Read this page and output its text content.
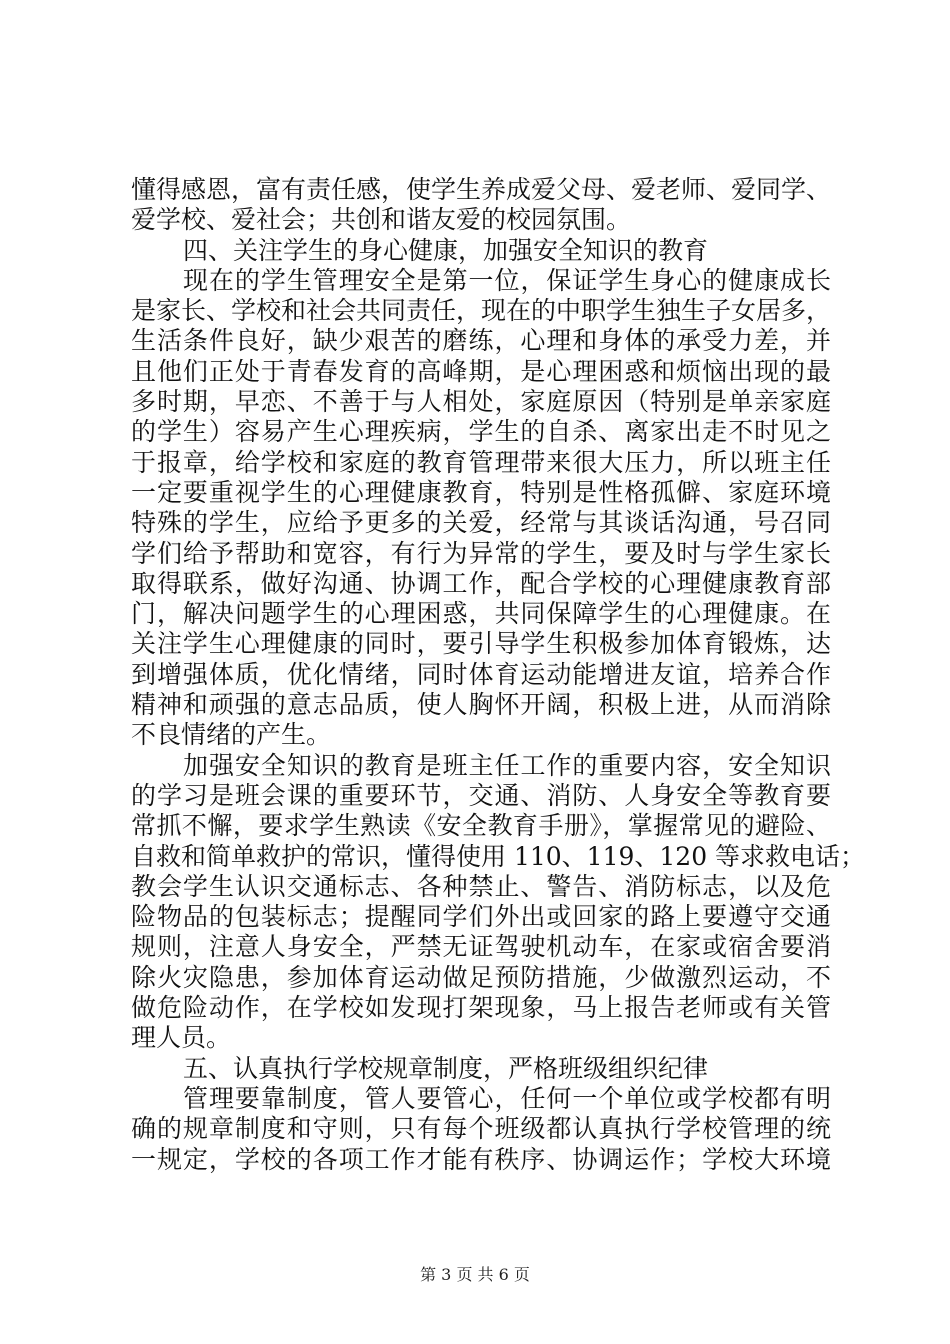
懂得感恩，富有责任感，使学生养成爱父母、爱老师、爱同学、
爱学校、爱社会；共创和谐友爱的校园氛围。
四、关注学生的身心健康，加强安全知识的教育
现在的学生管理安全是第一位，保证学生身心的健康成长
是家长、学校和社会共同责任，现在的中职学生独生子女居多，
生活条件良好，缺少艰苦的磨练，心理和身体的承受力差，并
且他们正处于青春发育的高峰期，是心理困惑和烦恼出现的最
多时期，早恋、不善于与人相处，家庭原因（特别是单亲家庭
的学生）容易产生心理疾病，学生的自杀、离家出走不时见之
于报章，给学校和家庭的教育管理带来很大压力，所以班主任
一定要重视学生的心理健康教育，特别是性格孤僻、家庭环境
特殊的学生，应给予更多的关爱，经常与其谈话沟通，号召同
学们给予帮助和宽容，有行为异常的学生，要及时与学生家长
取得联系，做好沟通、协调工作，配合学校的心理健康教育部
门，解决问题学生的心理困惑，共同保障学生的心理健康。在
关注学生心理健康的同时，要引导学生积极参加体育锻炼，达
到增强体质，优化情绪，同时体育运动能增进友谊，培养合作
精神和顽强的意志品质，使人胸怀开阔，积极上进，从而消除
不良情绪的产生。
加强安全知识的教育是班主任工作的重要内容，安全知识
的学习是班会课的重要环节，交通、消防、人身安全等教育要
常抓不懈，要求学生熟读《安全教育手册》，掌握常见的避险、
自救和简单救护的常识，懂得使用 110、119、120 等求救电话；
教会学生认识交通标志、各种禁止、警告、消防标志，以及危
险物品的包装标志；提醒同学们外出或回家的路上要遵守交通
规则，注意人身安全，严禁无证驾驶机动车，在家或宿舍要消
除火灾隐患，参加体育运动做足预防措施，少做激烈运动，不
做危险动作，在学校如发现打架现象，马上报告老师或有关管
理人员。
五、认真执行学校规章制度，严格班级组织纪律
管理要靠制度，管人要管心，任何一个单位或学校都有明
确的规章制度和守则，只有每个班级都认真执行学校管理的统
一规定，学校的各项工作才能有秩序、协调运作；学校大环境
第 3 页 共 6 页
